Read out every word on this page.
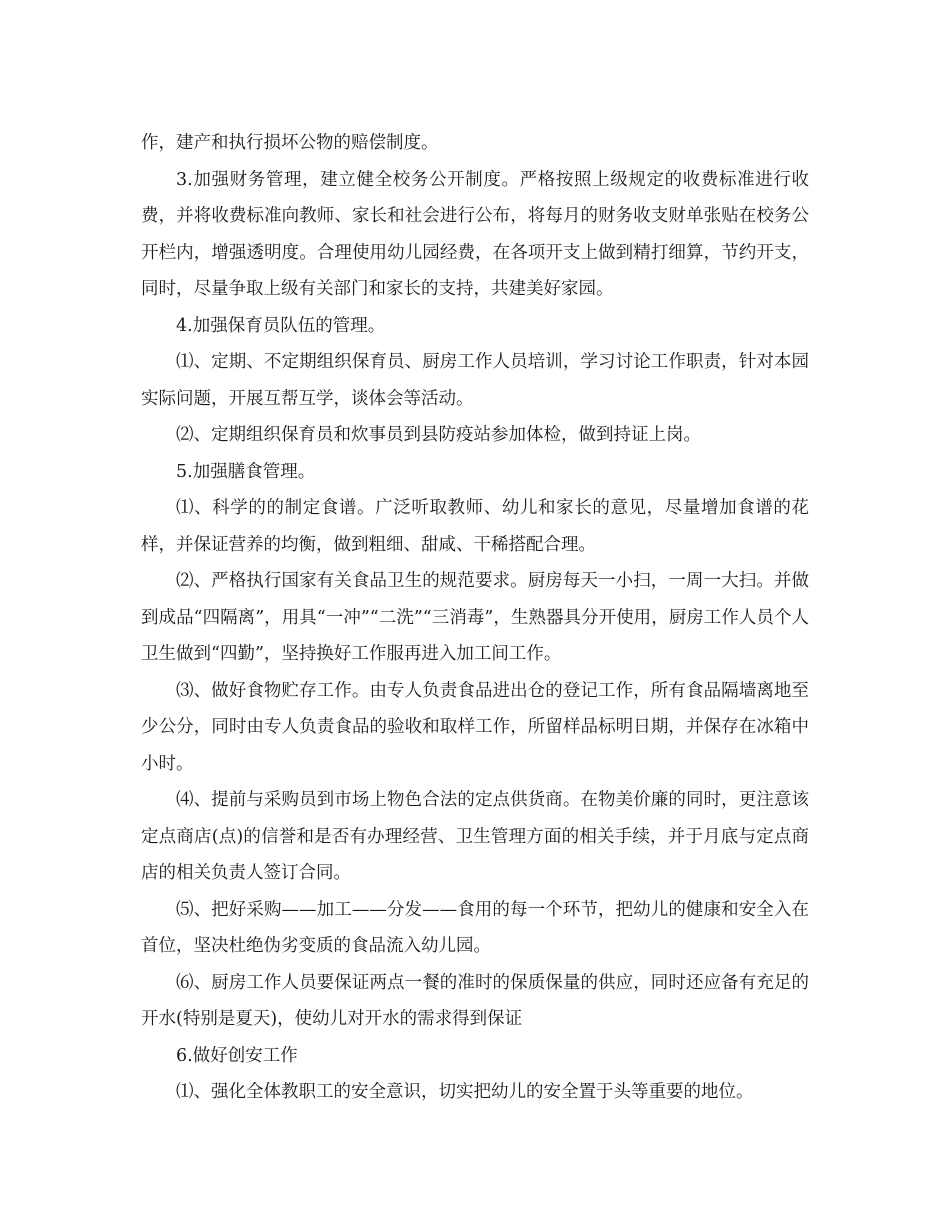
作，建产和执行损坏公物的赔偿制度。

3.加强财务管理，建立健全校务公开制度。严格按照上级规定的收费标准进行收费，并将收费标准向教师、家长和社会进行公布，将每月的财务收支财单张贴在校务公开栏内，增强透明度。合理使用幼儿园经费，在各项开支上做到精打细算，节约开支，同时，尽量争取上级有关部门和家长的支持，共建美好家园。

4.加强保育员队伍的管理。

⑴、定期、不定期组织保育员、厨房工作人员培训，学习讨论工作职责，针对本园实际问题，开展互帮互学，谈体会等活动。

⑵、定期组织保育员和炊事员到县防疫站参加体检，做到持证上岗。

5.加强膳食管理。

⑴、科学的的制定食谱。广泛听取教师、幼儿和家长的意见，尽量增加食谱的花样，并保证营养的均衡，做到粗细、甜咸、干稀搭配合理。

⑵、严格执行国家有关食品卫生的规范要求。厨房每天一小扫，一周一大扫。并做到成品“四隔离”，用具“一冲”“二洗”“三消毒”，生熟器具分开使用，厨房工作人员个人卫生做到“四勤”，坚持换好工作服再进入加工间工作。

⑶、做好食物贮存工作。由专人负责食品进出仓的登记工作，所有食品隔墙离地至少公分，同时由专人负责食品的验收和取样工作，所留样品标明日期，并保存在冰箱中小时。

⑷、提前与采购员到市场上物色合法的定点供货商。在物美价廉的同时，更注意该定点商店(点)的信誉和是否有办理经营、卫生管理方面的相关手续，并于月底与定点商店的相关负责人签订合同。

⑸、把好采购——加工——分发——食用的每一个环节，把幼儿的健康和安全入在首位，坚决杜绝伪劣变质的食品流入幼儿园。

⑹、厨房工作人员要保证两点一餐的准时的保质保量的供应，同时还应备有充足的开水(特别是夏天)，使幼儿对开水的需求得到保证

6.做好创安工作

⑴、强化全体教职工的安全意识，切实把幼儿的安全置于头等重要的地位。
